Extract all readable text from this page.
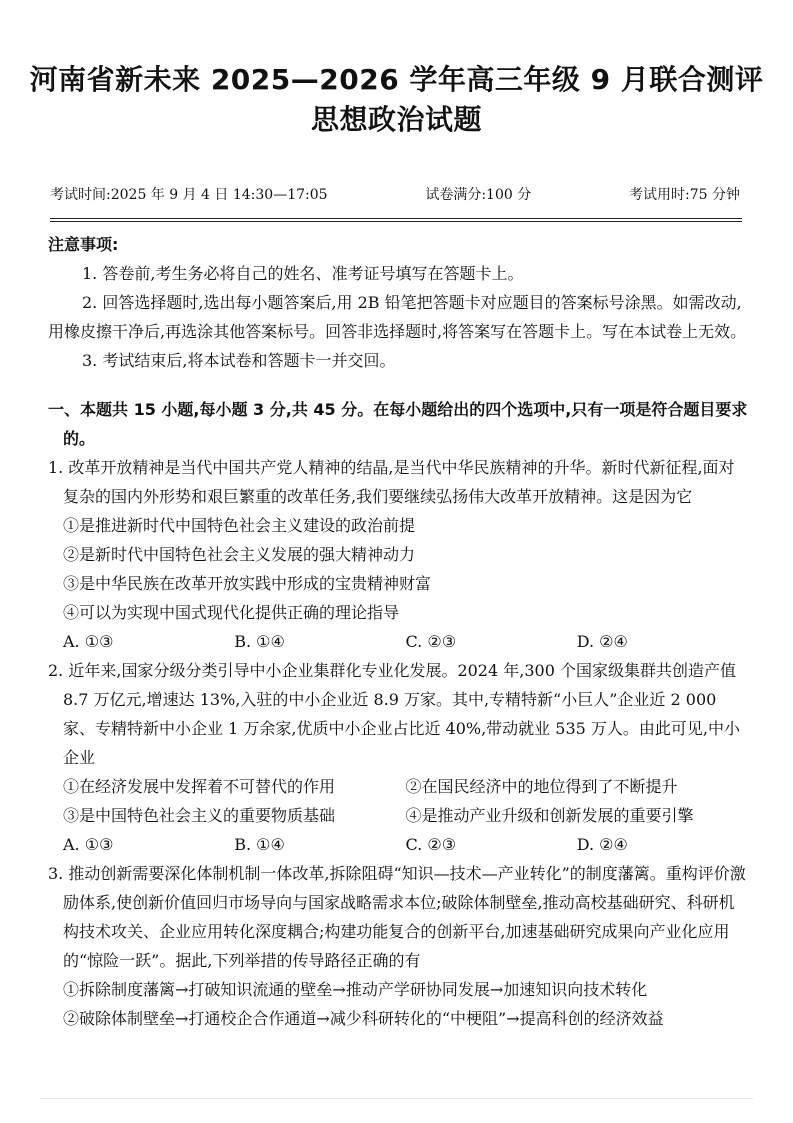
河南省新未来 2025—2026 学年高三年级 9 月联合测评
思想政治试题
考试时间:2025 年 9 月 4 日 14:30—17:05	试卷满分:100 分	考试用时:75 分钟

注意事项:

1. 答卷前,考生务必将自己的姓名、准考证号填写在答题卡上。

2. 回答选择题时,选出每小题答案后,用 2B 铅笔把答题卡对应题目的答案标号涂黑。如需改动,用橡皮擦干净后,再选涂其他答案标号。回答非选择题时,将答案写在答题卡上。写在本试卷上无效。

3. 考试结束后,将本试卷和答题卡一并交回。

一、本题共 15 小题,每小题 3 分,共 45 分。在每小题给出的四个选项中,只有一项是符合题目要求的。

1. 改革开放精神是当代中国共产党人精神的结晶,是当代中华民族精神的升华。新时代新征程,面对复杂的国内外形势和艰巨繁重的改革任务,我们要继续弘扬伟大改革开放精神。这是因为它

①是推进新时代中国特色社会主义建设的政治前提

②是新时代中国特色社会主义发展的强大精神动力

③是中华民族在改革开放实践中形成的宝贵精神财富

④可以为实现中国式现代化提供正确的理论指导

A. ①③	B. ①④	C. ②③	D. ②④

2. 近年来,国家分级分类引导中小企业集群化专业化发展。2024 年,300 个国家级集群共创造产值 8.7 万亿元,增速达 13%,入驻的中小企业近 8.9 万家。其中,专精特新“小巨人”企业近 2 000 家、专精特新中小企业 1 万余家,优质中小企业占比近 40%,带动就业 535 万人。由此可见,中小企业

①在经济发展中发挥着不可替代的作用	②在国民经济中的地位得到了不断提升
③是中国特色社会主义的重要物质基础	④是推动产业升级和创新发展的重要引擎
A. ①③	B. ①④	C. ②③	D. ②④

3. 推动创新需要深化体制机制一体改革,拆除阻碍“知识—技术—产业转化”的制度藩篱。重构评价激励体系,使创新价值回归市场导向与国家战略需求本位;破除体制壁垒,推动高校基础研究、科研机构技术攻关、企业应用转化深度耦合;构建功能复合的创新平台,加速基础研究成果向产业化应用的“惊险一跃”。据此,下列举措的传导路径正确的有

①拆除制度藩篱→打破知识流通的壁垒→推动产学研协同发展→加速知识向技术转化

②破除体制壁垒→打通校企合作通道→减少科研转化的“中梗阻”→提高科创的经济效益
